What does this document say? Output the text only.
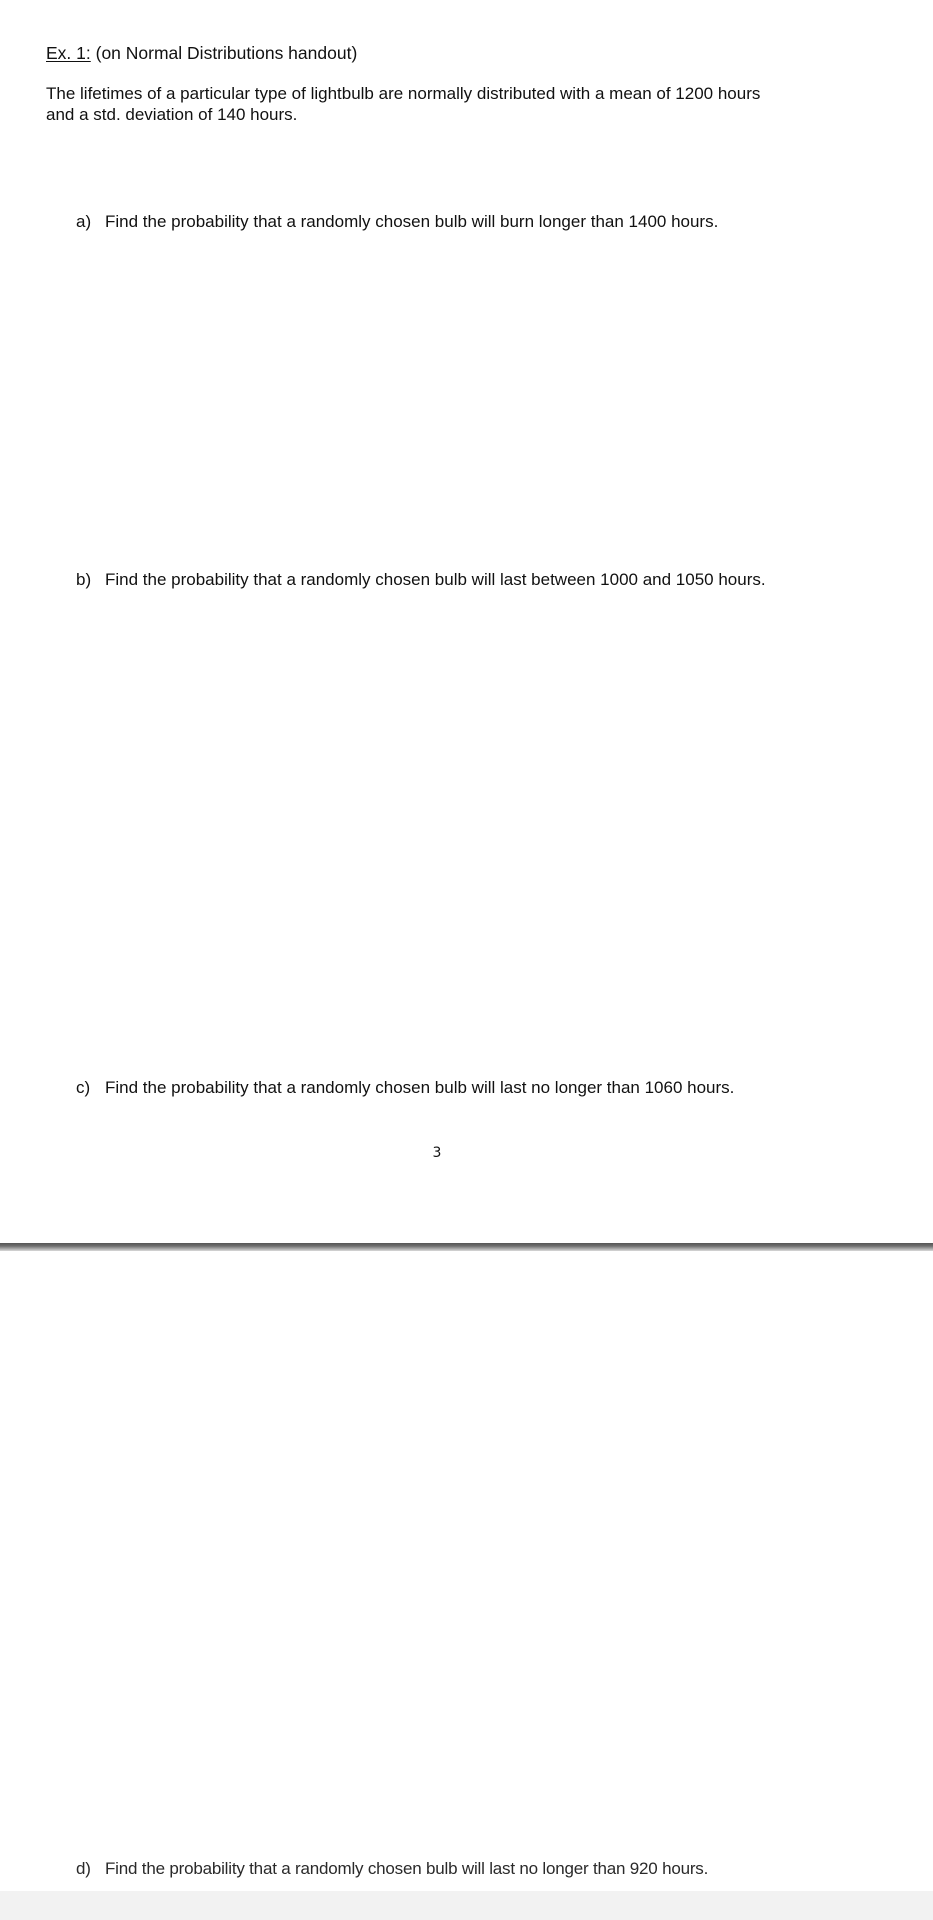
Ex. 1: (on Normal Distributions handout)
The lifetimes of a particular type of lightbulb are normally distributed with a mean of 1200 hours
and a std. deviation of 140 hours.
a) Find the probability that a randomly chosen bulb will burn longer than 1400 hours.
b) Find the probability that a randomly chosen bulb will last between 1000 and 1050 hours.
c) Find the probability that a randomly chosen bulb will last no longer than 1060 hours.
3
d) Find the probability that a randomly chosen bulb will last no longer than 920 hours.
